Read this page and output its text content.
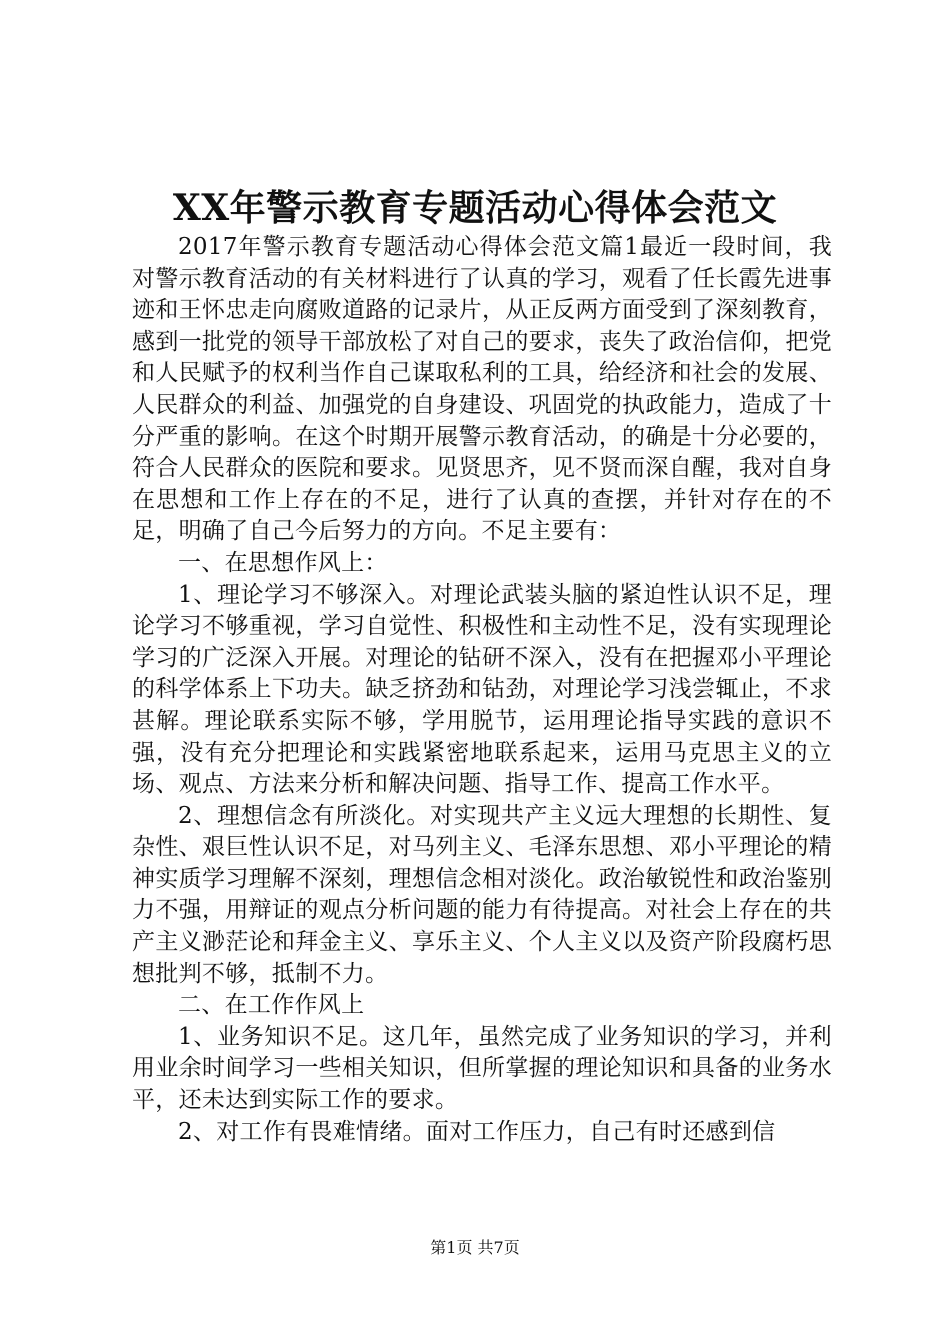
XX年警示教育专题活动心得体会范文

2017年警示教育专题活动心得体会范文篇1最近一段时间，我对警示教育活动的有关材料进行了认真的学习，观看了任长霞先进事迹和王怀忠走向腐败道路的记录片，从正反两方面受到了深刻教育，感到一批党的领导干部放松了对自己的要求，丧失了政治信仰，把党和人民赋予的权利当作自己谋取私利的工具，给经济和社会的发展、人民群众的利益、加强党的自身建设、巩固党的执政能力，造成了十分严重的影响。在这个时期开展警示教育活动，的确是十分必要的，符合人民群众的医院和要求。见贤思齐，见不贤而深自醒，我对自身在思想和工作上存在的不足，进行了认真的查摆，并针对存在的不足，明确了自己今后努力的方向。不足主要有：

一、在思想作风上：

1、理论学习不够深入。对理论武装头脑的紧迫性认识不足，理论学习不够重视，学习自觉性、积极性和主动性不足，没有实现理论学习的广泛深入开展。对理论的钻研不深入，没有在把握邓小平理论的科学体系上下功夫。缺乏挤劲和钻劲，对理论学习浅尝辄止，不求甚解。理论联系实际不够，学用脱节，运用理论指导实践的意识不强，没有充分把理论和实践紧密地联系起来，运用马克思主义的立场、观点、方法来分析和解决问题、指导工作、提高工作水平。

2、理想信念有所淡化。对实现共产主义远大理想的长期性、复杂性、艰巨性认识不足，对马列主义、毛泽东思想、邓小平理论的精神实质学习理解不深刻，理想信念相对淡化。政治敏锐性和政治鉴别力不强，用辩证的观点分析问题的能力有待提高。对社会上存在的共产主义渺茫论和拜金主义、享乐主义、个人主义以及资产阶段腐朽思想批判不够，抵制不力。

二、在工作作风上

1、业务知识不足。这几年，虽然完成了业务知识的学习，并利用业余时间学习一些相关知识，但所掌握的理论知识和具备的业务水平，还未达到实际工作的要求。

2、对工作有畏难情绪。面对工作压力，自己有时还感到信

第1页 共7页
